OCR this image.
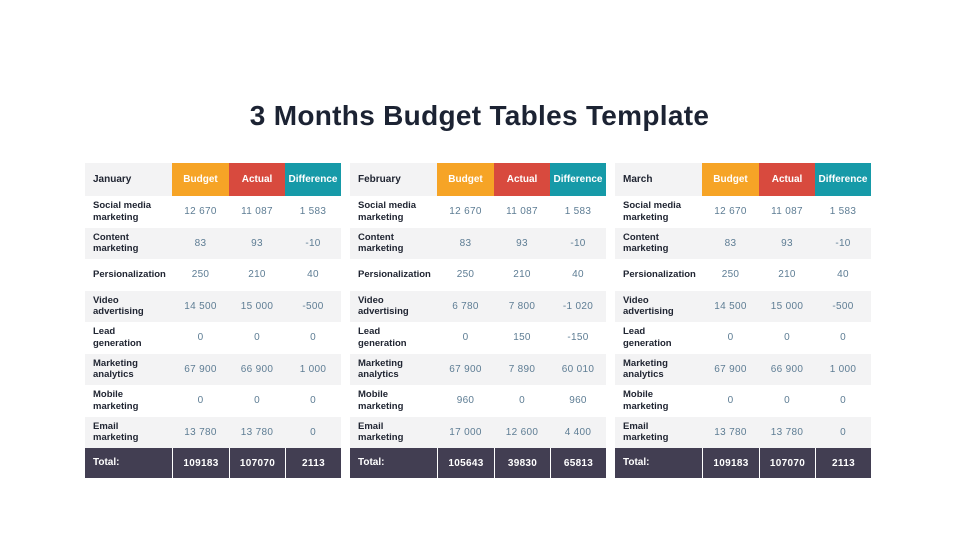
3 Months Budget Tables Template
January	Budget	Actual	Difference
Social media marketing	12 670	11 087	1 583
Content marketing	83	93	-10
Persionalization	250	210	40
Video advertising	14 500	15 000	-500
Lead generation	0	0	0
Marketing analytics	67 900	66 900	1 000
Mobile marketing	0	0	0
Email marketing	13 780	13 780	0
Total:	109183	107070	2113
February	Budget	Actual	Difference
Social media marketing	12 670	11 087	1 583
Content marketing	83	93	-10
Persionalization	250	210	40
Video advertising	6 780	7 800	-1 020
Lead generation	0	150	-150
Marketing analytics	67 900	7 890	60 010
Mobile marketing	960	0	960
Email marketing	17 000	12 600	4 400
Total:	105643	39830	65813
March	Budget	Actual	Difference
Social media marketing	12 670	11 087	1 583
Content marketing	83	93	-10
Persionalization	250	210	40
Video advertising	14 500	15 000	-500
Lead generation	0	0	0
Marketing analytics	67 900	66 900	1 000
Mobile marketing	0	0	0
Email marketing	13 780	13 780	0
Total:	109183	107070	2113
